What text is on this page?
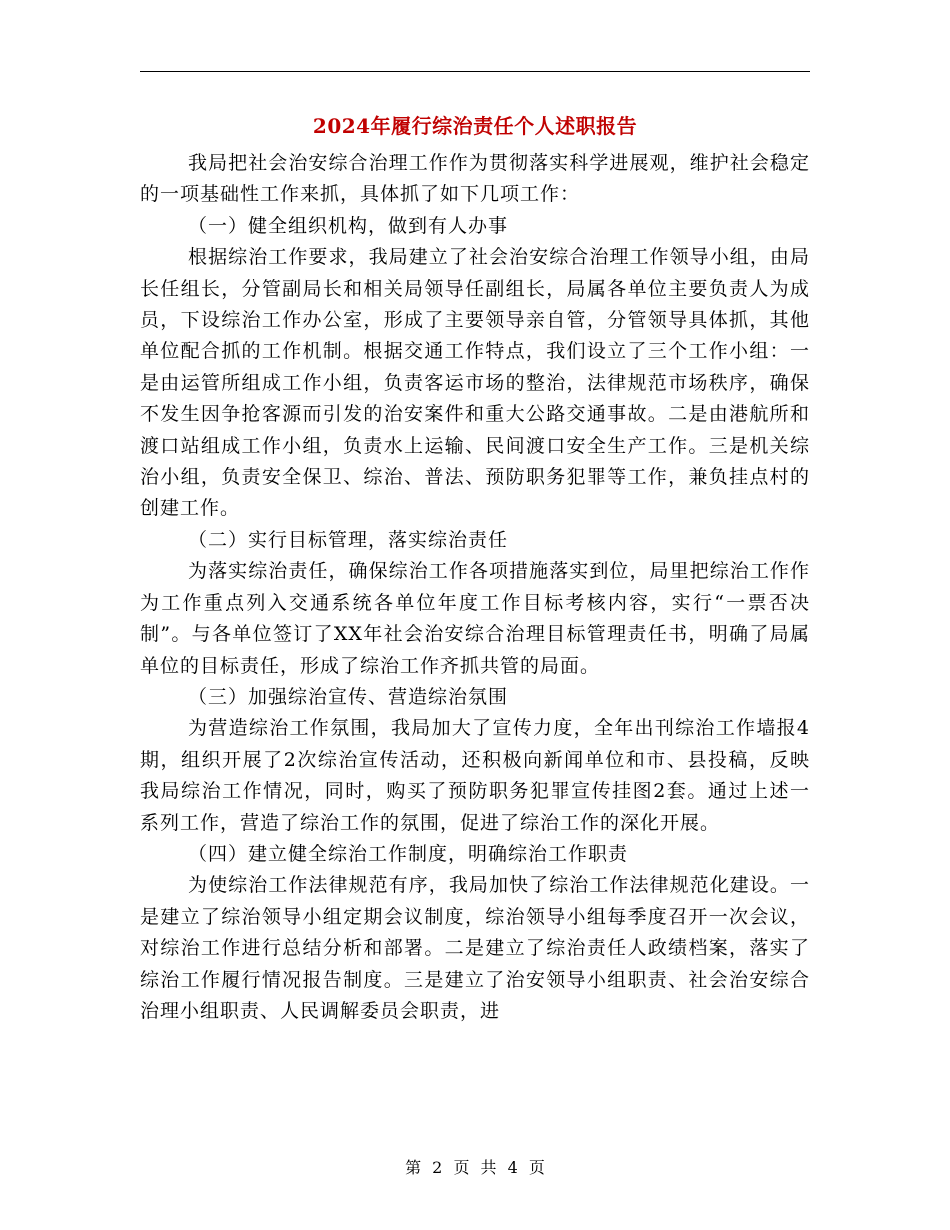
2024年履行综治责任个人述职报告

我局把社会治安综合治理工作作为贯彻落实科学进展观，维护社会稳定的一项基础性工作来抓，具体抓了如下几项工作：

（一）健全组织机构，做到有人办事

根据综治工作要求，我局建立了社会治安综合治理工作领导小组，由局长任组长，分管副局长和相关局领导任副组长，局属各单位主要负责人为成员，下设综治工作办公室，形成了主要领导亲自管，分管领导具体抓，其他单位配合抓的工作机制。根据交通工作特点，我们设立了三个工作小组：一是由运管所组成工作小组，负责客运市场的整治，法律规范市场秩序，确保不发生因争抢客源而引发的治安案件和重大公路交通事故。二是由港航所和渡口站组成工作小组，负责水上运输、民间渡口安全生产工作。三是机关综治小组，负责安全保卫、综治、普法、预防职务犯罪等工作，兼负挂点村的创建工作。

（二）实行目标管理，落实综治责任

为落实综治责任，确保综治工作各项措施落实到位，局里把综治工作作为工作重点列入交通系统各单位年度工作目标考核内容，实行“一票否决制”。与各单位签订了XX年社会治安综合治理目标管理责任书，明确了局属单位的目标责任，形成了综治工作齐抓共管的局面。

（三）加强综治宣传、营造综治氛围

为营造综治工作氛围，我局加大了宣传力度，全年出刊综治工作墙报4期，组织开展了2次综治宣传活动，还积极向新闻单位和市、县投稿，反映我局综治工作情况，同时，购买了预防职务犯罪宣传挂图2套。通过上述一系列工作，营造了综治工作的氛围，促进了综治工作的深化开展。

（四）建立健全综治工作制度，明确综治工作职责

为使综治工作法律规范有序，我局加快了综治工作法律规范化建设。一是建立了综治领导小组定期会议制度，综治领导小组每季度召开一次会议，对综治工作进行总结分析和部署。二是建立了综治责任人政绩档案，落实了综治工作履行情况报告制度。三是建立了治安领导小组职责、社会治安综合治理小组职责、人民调解委员会职责，进

第 2 页 共 4 页
